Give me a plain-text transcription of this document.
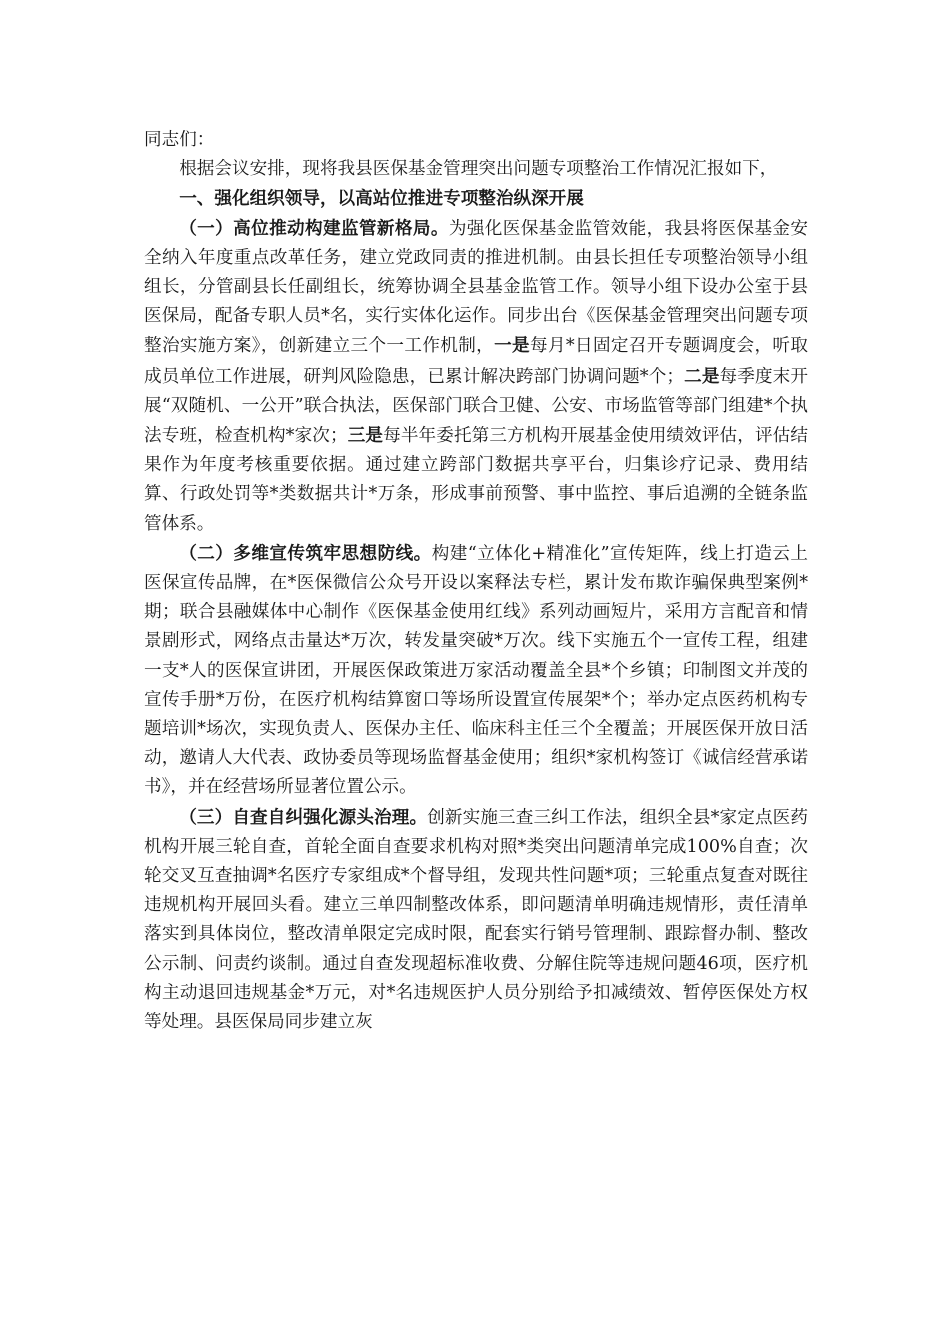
同志们：

根据会议安排，现将我县医保基金管理突出问题专项整治工作情况汇报如下，

一、强化组织领导，以高站位推进专项整治纵深开展

（一）高位推动构建监管新格局。为强化医保基金监管效能，我县将医保基金安全纳入年度重点改革任务，建立党政同责的推进机制。由县长担任专项整治领导小组组长，分管副县长任副组长，统筹协调全县基金监管工作。领导小组下设办公室于县医保局，配备专职人员*名，实行实体化运作。同步出台《医保基金管理突出问题专项整治实施方案》，创新建立三个一工作机制，一是每月*日固定召开专题调度会，听取成员单位工作进展，研判风险隐患，已累计解决跨部门协调问题*个；二是每季度末开展“双随机、一公开”联合执法，医保部门联合卫健、公安、市场监管等部门组建*个执法专班，检查机构*家次；三是每半年委托第三方机构开展基金使用绩效评估，评估结果作为年度考核重要依据。通过建立跨部门数据共享平台，归集诊疗记录、费用结算、行政处罚等*类数据共计*万条，形成事前预警、事中监控、事后追溯的全链条监管体系。

（二）多维宣传筑牢思想防线。构建“立体化+精准化”宣传矩阵，线上打造云上医保宣传品牌，在*医保微信公众号开设以案释法专栏，累计发布欺诈骗保典型案例*期；联合县融媒体中心制作《医保基金使用红线》系列动画短片，采用方言配音和情景剧形式，网络点击量达*万次，转发量突破*万次。线下实施五个一宣传工程，组建一支*人的医保宣讲团，开展医保政策进万家活动覆盖全县*个乡镇；印制图文并茂的宣传手册*万份，在医疗机构结算窗口等场所设置宣传展架*个；举办定点医药机构专题培训*场次，实现负责人、医保办主任、临床科主任三个全覆盖；开展医保开放日活动，邀请人大代表、政协委员等现场监督基金使用；组织*家机构签订《诚信经营承诺书》，并在经营场所显著位置公示。

（三）自查自纠强化源头治理。创新实施三查三纠工作法，组织全县*家定点医药机构开展三轮自查，首轮全面自查要求机构对照*类突出问题清单完成100%自查；次轮交叉互查抽调*名医疗专家组成*个督导组，发现共性问题*项；三轮重点复查对既往违规机构开展回头看。建立三单四制整改体系，即问题清单明确违规情形，责任清单落实到具体岗位，整改清单限定完成时限，配套实行销号管理制、跟踪督办制、整改公示制、问责约谈制。通过自查发现超标准收费、分解住院等违规问题46项，医疗机构主动退回违规基金*万元，对*名违规医护人员分别给予扣减绩效、暂停医保处方权等处理。县医保局同步建立灰
